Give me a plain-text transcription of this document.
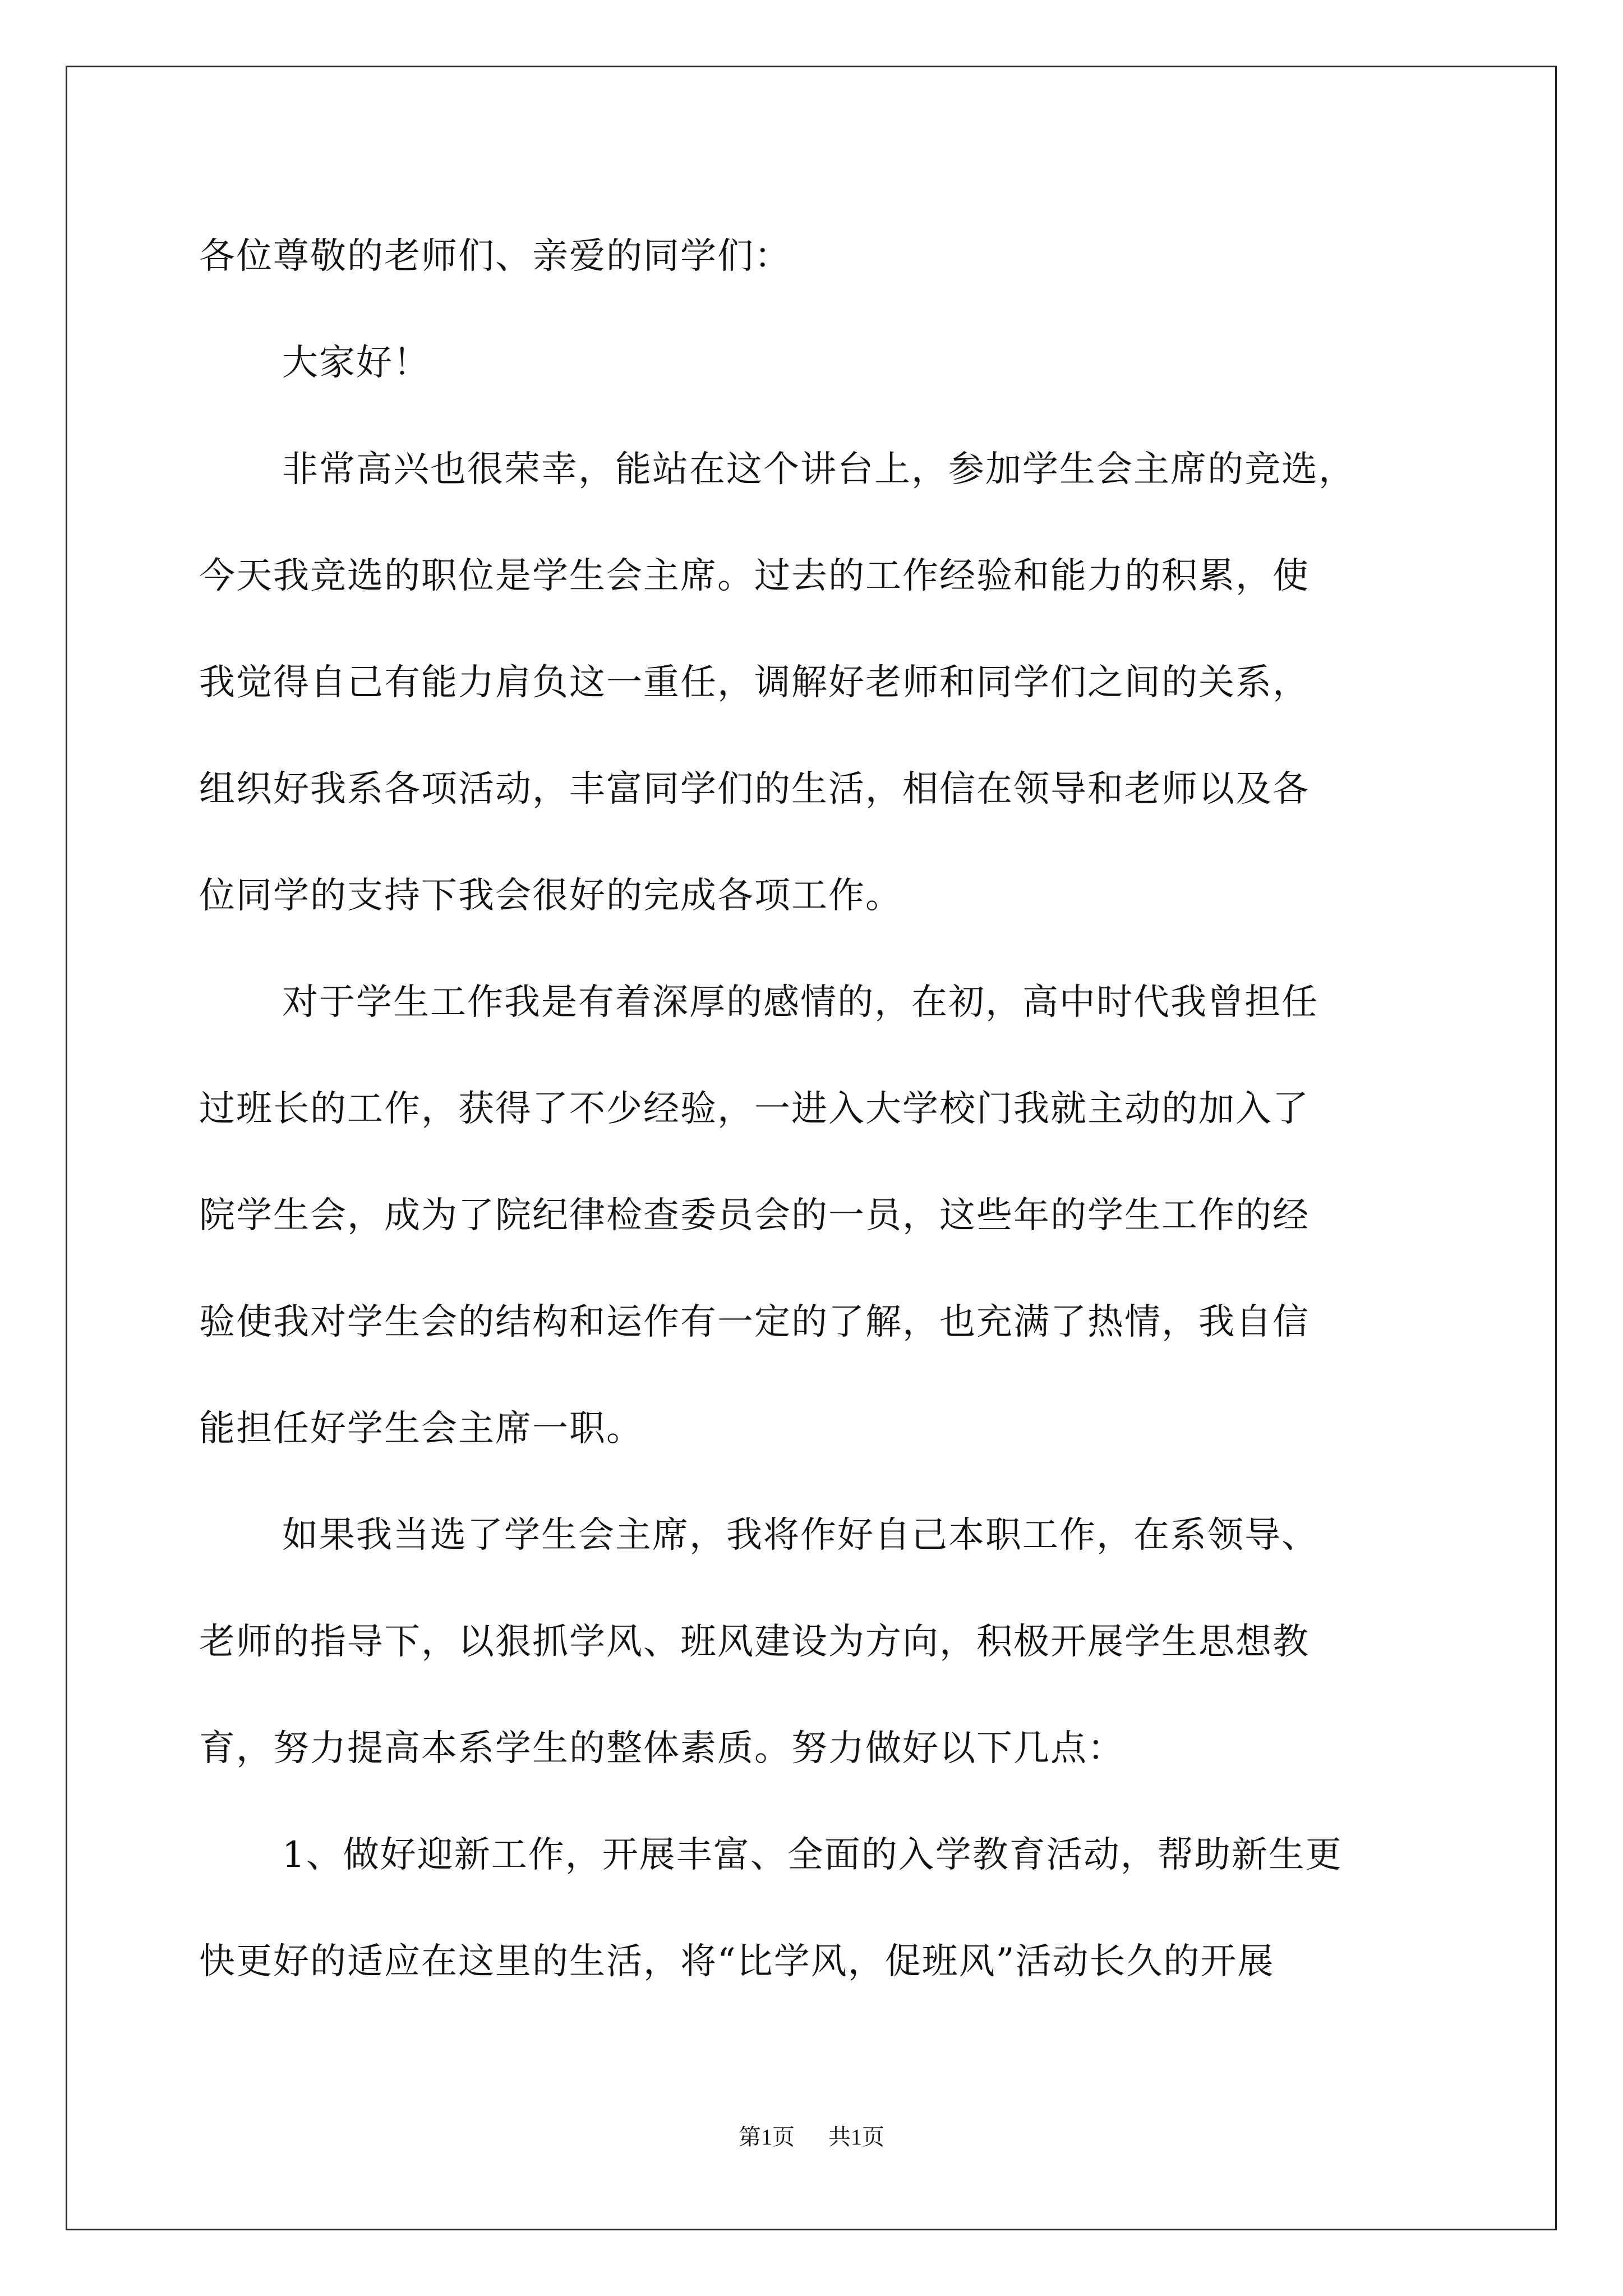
各位尊敬的老师们、亲爱的同学们：
大家好！
非常高兴也很荣幸，能站在这个讲台上，参加学生会主席的竞选，
今天我竞选的职位是学生会主席。过去的工作经验和能力的积累，使
我觉得自己有能力肩负这一重任，调解好老师和同学们之间的关系，
组织好我系各项活动，丰富同学们的生活，相信在领导和老师以及各
位同学的支持下我会很好的完成各项工作。
对于学生工作我是有着深厚的感情的，在初，高中时代我曾担任
过班长的工作，获得了不少经验，一进入大学校门我就主动的加入了
院学生会，成为了院纪律检查委员会的一员，这些年的学生工作的经
验使我对学生会的结构和运作有一定的了解，也充满了热情，我自信
能担任好学生会主席一职。
如果我当选了学生会主席，我将作好自己本职工作，在系领导、
老师的指导下，以狠抓学风、班风建设为方向，积极开展学生思想教
育，努力提高本系学生的整体素质。努力做好以下几点：
1、做好迎新工作，开展丰富、全面的入学教育活动，帮助新生更
快更好的适应在这里的生活，将“比学风，促班风”活动长久的开展
第1页 共1页
